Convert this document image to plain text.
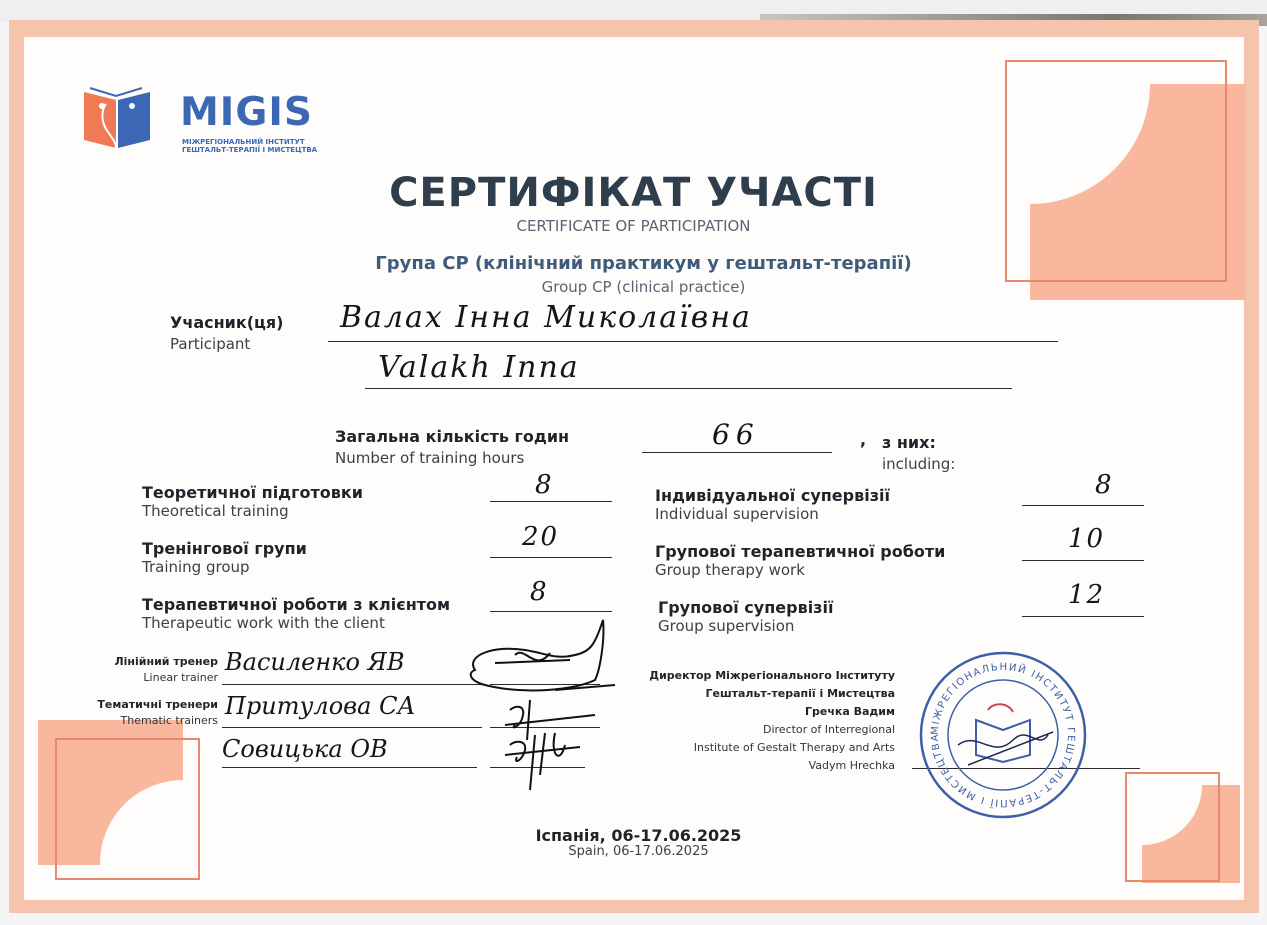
MIGIS
МІЖРЕГІОНАЛЬНИЙ ІНСТИТУТ
ГЕШТАЛЬТ-ТЕРАПІЇ І МИСТЕЦТВА
СЕРТИФІКАТ УЧАСТІ
CERTIFICATE OF PARTICIPATION
Група CP (клінічний практикум у гештальт-терапії)
Group CP (clinical practice)
Учасник(ця)
Participant
Валах Інна Миколаївна
Valakh Inna
Загальна кількість годин
Number of training hours
66	, з них:
including:
Теоретичної підготовки
Theoretical training
8
Тренінгової групи
Training group
20
Терапевтичної роботи з клієнтом
Therapeutic work with the client
8
Індивідуальної супервізії
Individual supervision
8
Групової терапевтичної роботи
Group therapy work
10
Групової супервізії
Group supervision
12
Лінійний тренер
Linear trainer
Василенко ЯВ
Тематичні тренери
Thematic trainers
Притулова СА
Совицька ОВ
Директор Міжрегіонального Інституту
Гештальт-терапії і Мистецтва
Гречка Вадим
Director of Interregional
Institute of Gestalt Therapy and Arts
Vadym Hrechka
МІЖРЕГІОНАЛЬНИЙ ІНСТИТУТ ГЕШТАЛЬТ-ТЕРАПІЇ І МИСТЕЦТВА
Іспанія, 06-17.06.2025
Spain, 06-17.06.2025
